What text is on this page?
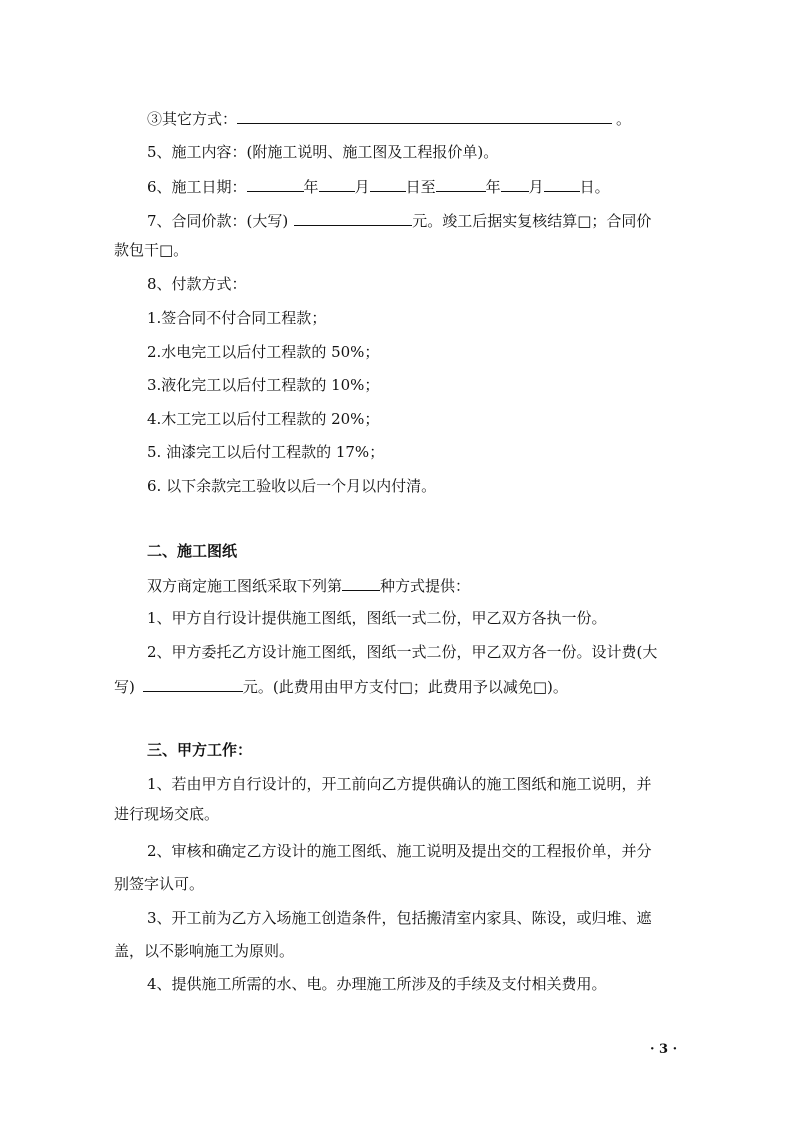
③其它方式：	。
5、施工内容：(附施工说明、施工图及工程报价单)。
6、施工日期：	年 月 日至	年 月 日。
7、合同价款：(大写)	元。竣工后据实复核结算□；合同价
款包干□。
8、付款方式：
1.签合同不付合同工程款；
2.水电完工以后付工程款的 50%；
3.液化完工以后付工程款的 10%；
4.木工完工以后付工程款的 20%；
5. 油漆完工以后付工程款的 17%；
6. 以下余款完工验收以后一个月以内付清。
二、施工图纸
双方商定施工图纸采取下列第	种方式提供：
1、甲方自行设计提供施工图纸，图纸一式二份，甲乙双方各执一份。
2、甲方委托乙方设计施工图纸，图纸一式二份，甲乙双方各一份。设计费(大
写)	元。(此费用由甲方支付□；此费用予以减免□)。
三、甲方工作：
1、若由甲方自行设计的，开工前向乙方提供确认的施工图纸和施工说明，并
进行现场交底。
2、审核和确定乙方设计的施工图纸、施工说明及提出交的工程报价单，并分
别签字认可。
3、开工前为乙方入场施工创造条件，包括搬清室内家具、陈设，或归堆、遮
盖，以不影响施工为原则。
4、提供施工所需的水、电。办理施工所涉及的手续及支付相关费用。
· 3 ·
